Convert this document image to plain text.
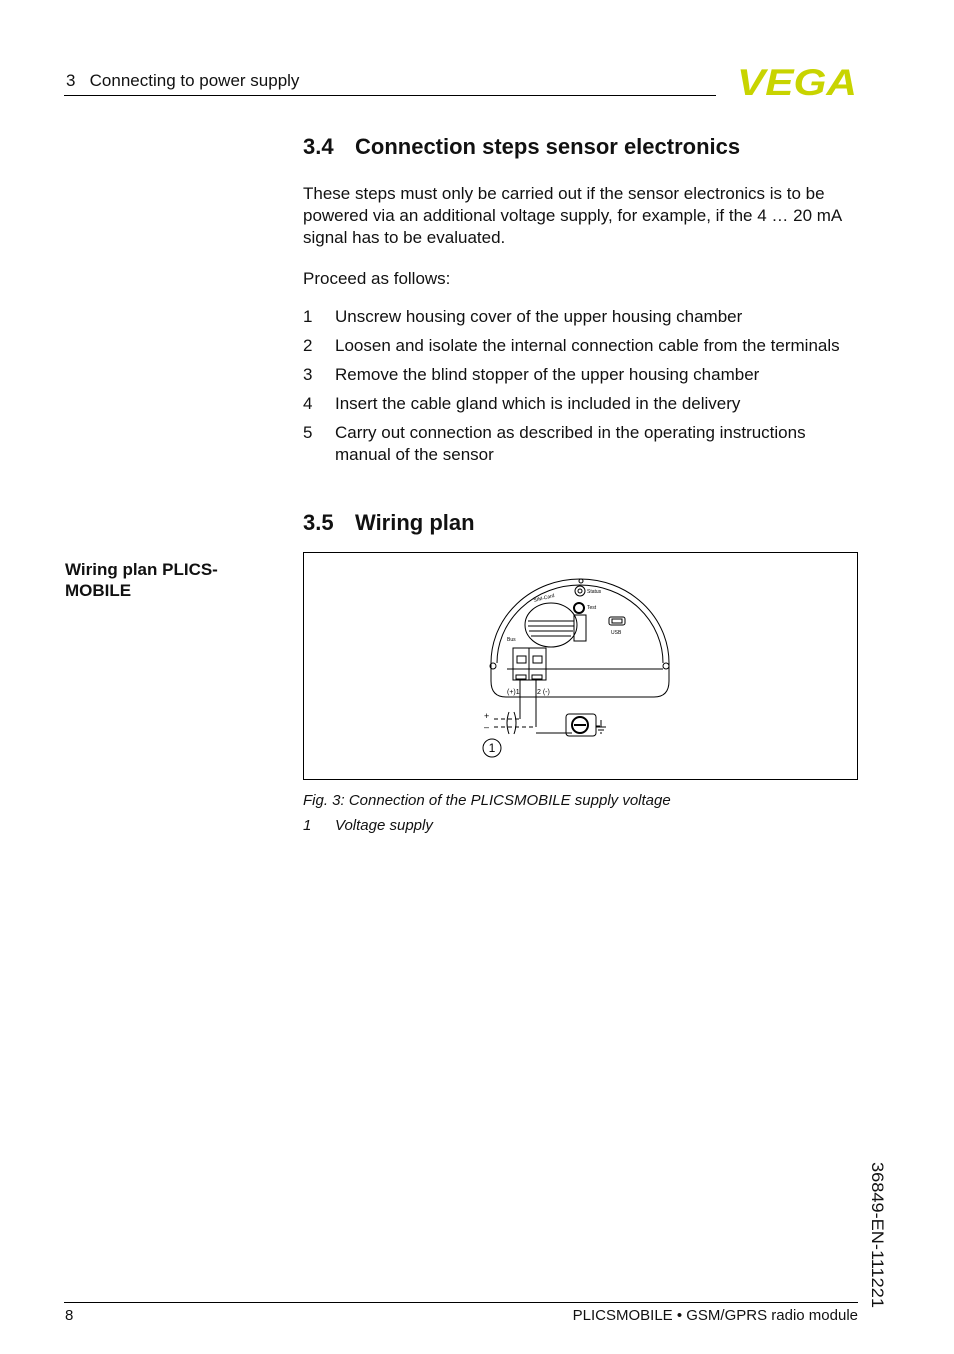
3 Connecting to power supply	VEGA
3.4 Connection steps sensor electronics

These steps must only be carried out if the sensor electronics is to be powered via an additional voltage supply, for example, if the 4 … 20 mA signal has to be evaluated.

Proceed as follows:

1	Unscrew housing cover of the upper housing chamber
2	Loosen and isolate the internal connection cable from the terminals
3	Remove the blind stopper of the upper housing chamber
4	Insert the cable gland which is included in the delivery
5	Carry out connection as described in the operating instructions manual of the sensor
3.5 Wiring plan
Wiring plan PLICS-MOBILE	Status
Test
SIM-Card
USB
Bus
(+)1 2 (-)
+
–
1
Fig. 3: Connection of the PLICSMOBILE supply voltage
1 Voltage supply
36849-EN-111221
8	PLICSMOBILE • GSM/GPRS radio module
